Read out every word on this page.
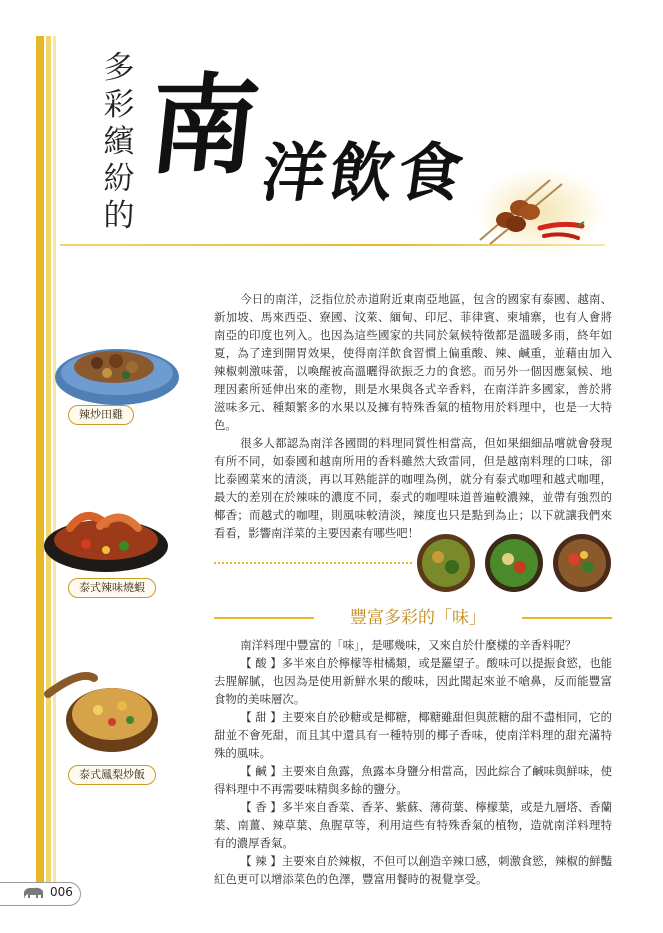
多
彩
繽
紛
的
南
洋飲食
辣炒田雞
泰式辣味燒蝦
泰式鳳梨炒飯

今日的南洋，泛指位於赤道附近東南亞地區，包含的國家有泰國、越南、新加坡、馬來西亞、寮國、汶萊、緬甸、印尼、菲律賓、柬埔寨，也有人會將南亞的印度也列入。也因為這些國家的共同於氣候特徵都是溫暖多雨，終年如夏，為了達到開胃效果，使得南洋飲食習慣上偏重酸、辣、鹹重，並藉由加入辣椒刺激味蕾，以喚醒被高溫曬得欲振乏力的食慾。而另外一個因應氣候、地理因素所延伸出來的產物，則是水果與各式辛香料，在南洋許多國家，善於將滋味多元、種類繁多的水果以及擁有特殊香氣的植物用於料理中，也是一大特色。

很多人都認為南洋各國間的料理同質性相當高，但如果細細品嚐就會發現有所不同，如泰國和越南所用的香料雖然大致雷同，但是越南料理的口味，卻比泰國菜來的清淡，再以耳熟能詳的咖哩為例，就分有泰式咖哩和越式咖哩，最大的差別在於辣味的濃度不同，泰式的咖哩味道普遍較濃辣，並帶有強烈的椰香；而越式的咖哩，則風味較清淡，辣度也只是點到為止；以下就讓我們來看看，影響南洋菜的主要因素有哪些吧！

豐富多彩的「味」

南洋料理中豐富的「味」，是哪幾味，又來自於什麼樣的辛香料呢？

【 酸 】多半來自於檸檬等柑橘類，或是羅望子。酸味可以提振食慾，也能去腥解膩，也因為是使用新鮮水果的酸味，因此聞起來並不嗆鼻，反而能豐富食物的美味層次。

【 甜 】主要來自於砂糖或是椰糖，椰糖雖甜但與蔗糖的甜不盡相同，它的甜並不會死甜，而且其中還具有一種特別的椰子香味，使南洋料理的甜充滿特殊的風味。

【 鹹 】主要來自魚露，魚露本身鹽分相當高，因此綜合了鹹味與鮮味，使得料理中不再需要味精與多餘的鹽分。

【 香 】多半來自香菜、香茅、紫蘇、薄荷葉、檸檬葉，或是九層塔、香蘭葉、南薑、辣草葉、魚腥草等，利用這些有特殊香氣的植物，造就南洋料理特有的濃厚香氣。

【 辣 】主要來自於辣椒，不但可以創造辛辣口感，刺激食慾，辣椒的鮮豔紅色更可以增添菜色的色澤，豐富用餐時的視覺享受。

006
